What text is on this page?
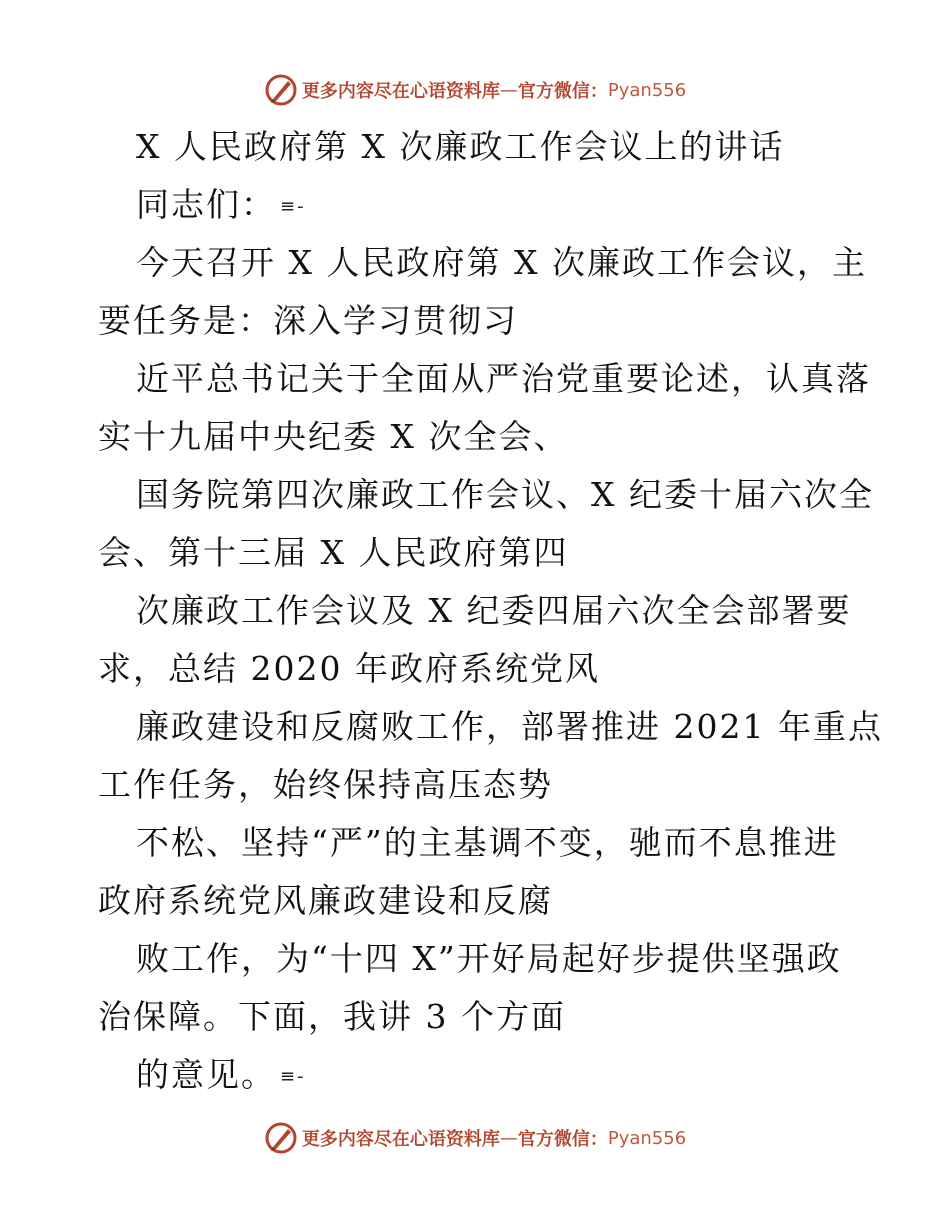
更多内容尽在心语资料库 — 官方微信： Pyan556
X 人民政府第 X 次廉政工作会议上的讲话
同志们： ≡-
今天召开 X 人民政府第 X 次廉政工作会议，主
要任务是：深入学习贯彻习
近平总书记关于全面从严治党重要论述，认真落
实十九届中央纪委 X 次全会、
国务院第四次廉政工作会议、X 纪委十届六次全
会、第十三届 X 人民政府第四
次廉政工作会议及 X 纪委四届六次全会部署要
求，总结 2020 年政府系统党风
廉政建设和反腐败工作，部署推进 2021 年重点
工作任务，始终保持高压态势
不松、坚持“严”的主基调不变，驰而不息推进
政府系统党风廉政建设和反腐
败工作，为“十四 X”开好局起好步提供坚强政
治保障。下面，我讲 3 个方面
的意见。 ≡-
更多内容尽在心语资料库 — 官方微信： Pyan556
